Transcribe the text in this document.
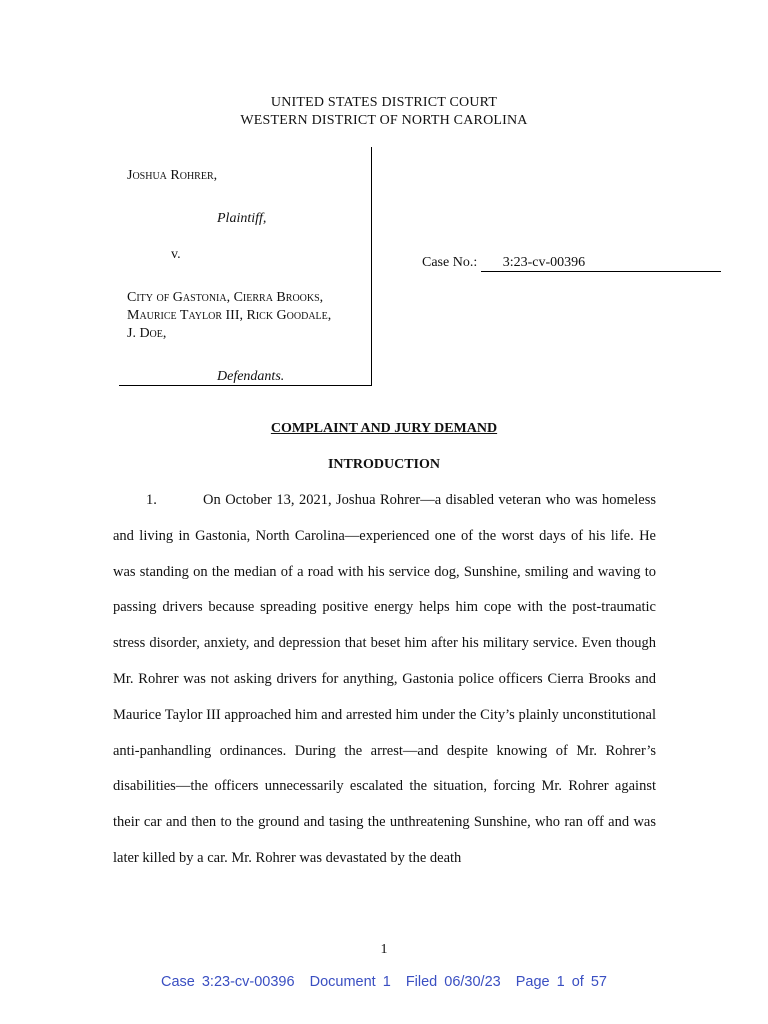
UNITED STATES DISTRICT COURT
WESTERN DISTRICT OF NORTH CAROLINA
Joshua Rohrer,
Plaintiff,
v.
City of Gastonia, Cierra Brooks,
Maurice Taylor III, Rick Goodale,
J. Doe,
Defendants.
Case No.: 3:23-cv-00396
COMPLAINT AND JURY DEMAND
INTRODUCTION
1.	On October 13, 2021, Joshua Rohrer—a disabled veteran who was homeless and living in Gastonia, North Carolina—experienced one of the worst days of his life. He was standing on the median of a road with his service dog, Sunshine, smiling and waving to passing drivers because spreading positive energy helps him cope with the post-traumatic stress disorder, anxiety, and depression that beset him after his military service. Even though Mr. Rohrer was not asking drivers for anything, Gastonia police officers Cierra Brooks and Maurice Taylor III approached him and arrested him under the City’s plainly unconstitutional anti-panhandling ordinances. During the arrest—and despite knowing of Mr. Rohrer’s disabilities—the officers unnecessarily escalated the situation, forcing Mr. Rohrer against their car and then to the ground and tasing the unthreatening Sunshine, who ran off and was later killed by a car. Mr. Rohrer was devastated by the death
1
Case 3:23-cv-00396 Document 1 Filed 06/30/23 Page 1 of 57
